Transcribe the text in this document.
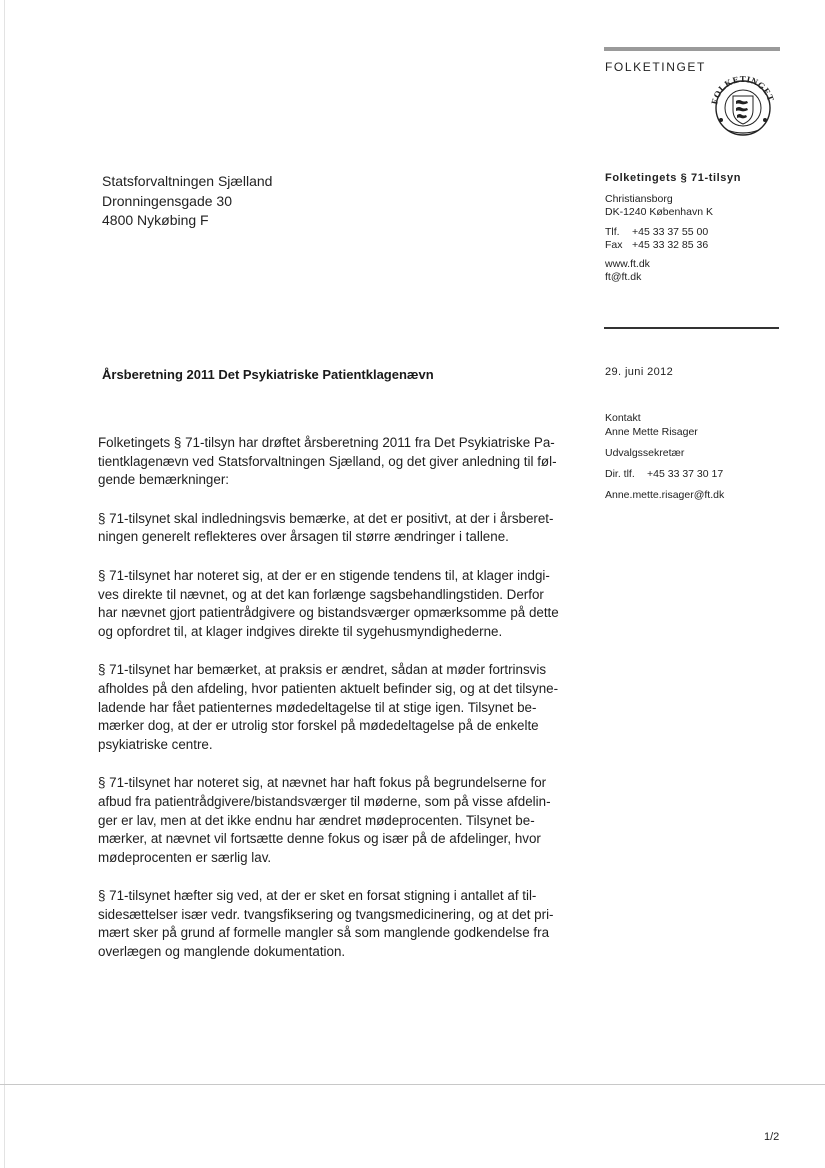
FOLKETINGET
FOLKETINGET
Statsforvaltningen Sjælland
Dronningensgade 30
4800 Nykøbing F
Folketingets § 71-tilsyn
Christiansborg
DK-1240 København K
Tlf. +45 33 37 55 00
Fax +45 33 32 85 36
www.ft.dk
ft@ft.dk
Årsberetning 2011 Det Psykiatriske Patientklagenævn	29. juni 2012
Kontakt
Anne Mette Risager
Udvalgssekretær
Dir. tlf. +45 33 37 30 17
Anne.mette.risager@ft.dk

Folketingets § 71-tilsyn har drøftet årsberetning 2011 fra Det Psykiatriske Pa-
tientklagenævn ved Statsforvaltningen Sjælland, og det giver anledning til føl-
gende bemærkninger:

§ 71-tilsynet skal indledningsvis bemærke, at det er positivt, at der i årsberet-
ningen generelt reflekteres over årsagen til større ændringer i tallene.

§ 71-tilsynet har noteret sig, at der er en stigende tendens til, at klager indgi-
ves direkte til nævnet, og at det kan forlænge sagsbehandlingstiden. Derfor
har nævnet gjort patientrådgivere og bistandsværger opmærksomme på dette
og opfordret til, at klager indgives direkte til sygehusmyndighederne.

§ 71-tilsynet har bemærket, at praksis er ændret, sådan at møder fortrinsvis
afholdes på den afdeling, hvor patienten aktuelt befinder sig, og at det tilsyne-
ladende har fået patienternes mødedeltagelse til at stige igen. Tilsynet be-
mærker dog, at der er utrolig stor forskel på mødedeltagelse på de enkelte
psykiatriske centre.

§ 71-tilsynet har noteret sig, at nævnet har haft fokus på begrundelserne for
afbud fra patientrådgivere/bistandsværger til møderne, som på visse afdelin-
ger er lav, men at det ikke endnu har ændret mødeprocenten. Tilsynet be-
mærker, at nævnet vil fortsætte denne fokus og især på de afdelinger, hvor
mødeprocenten er særlig lav.

§ 71-tilsynet hæfter sig ved, at der er sket en forsat stigning i antallet af til-
sidesættelser især vedr. tvangsfiksering og tvangsmedicinering, og at det pri-
mært sker på grund af formelle mangler så som manglende godkendelse fra
overlægen og manglende dokumentation.

1/2
